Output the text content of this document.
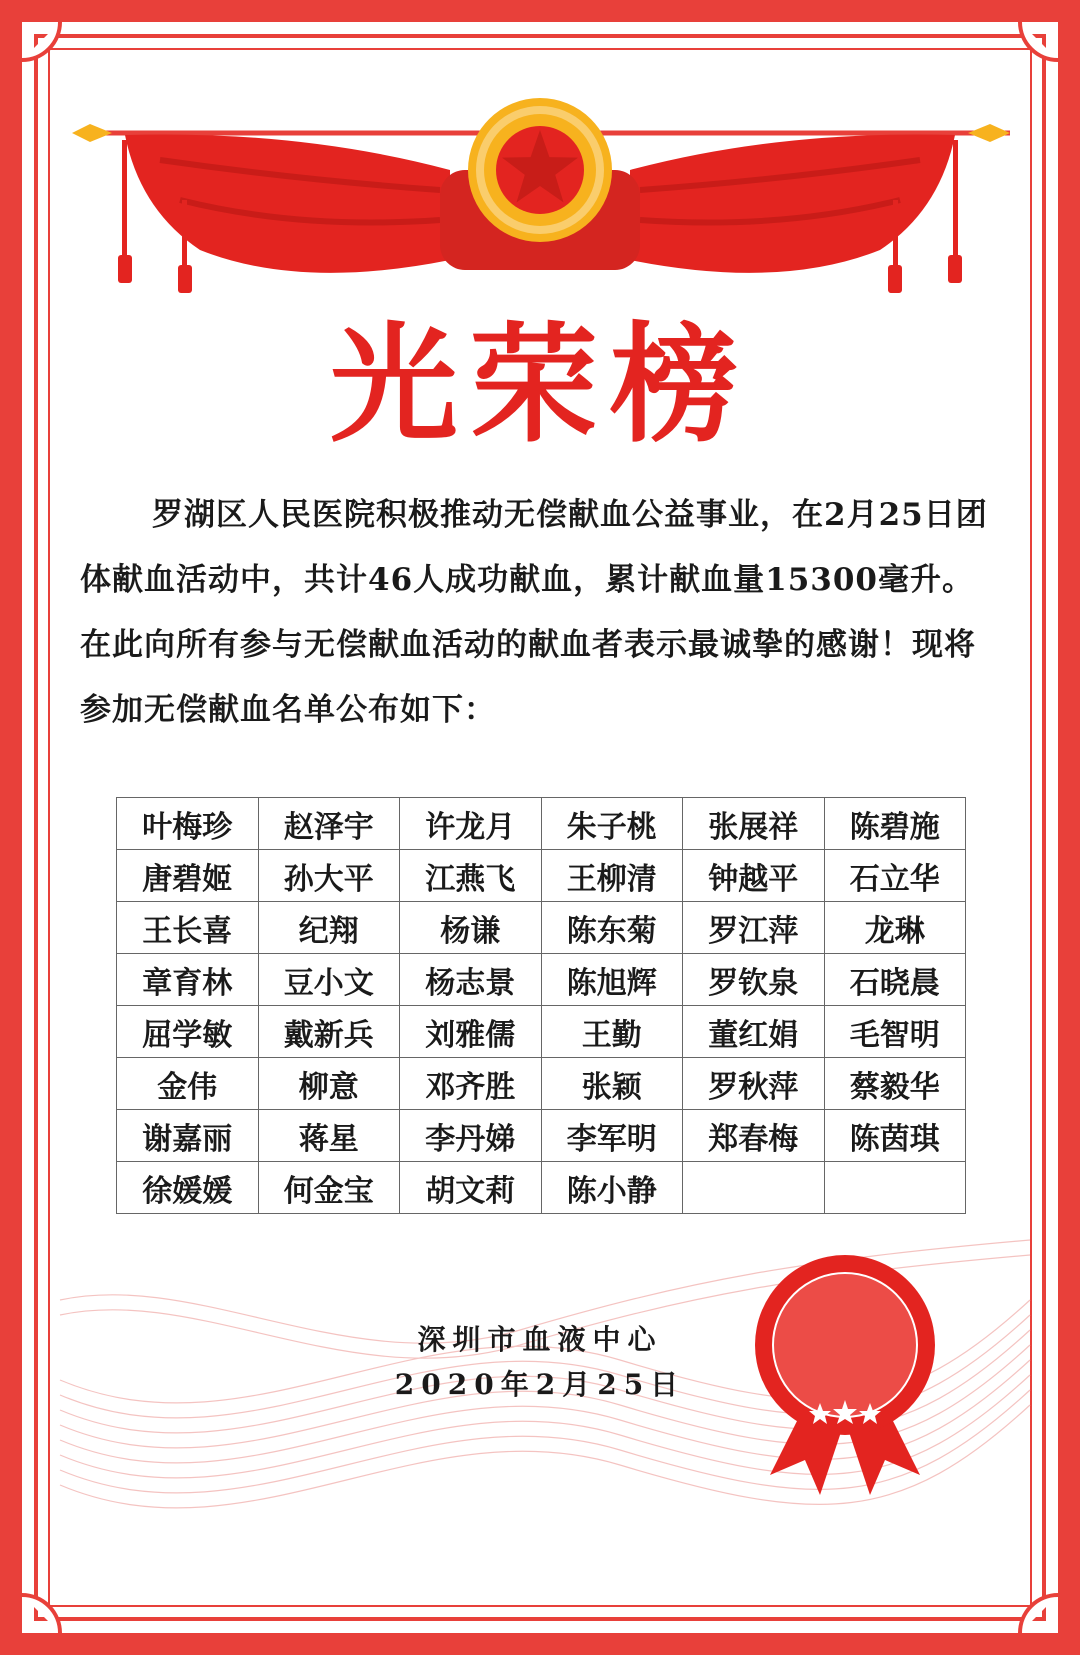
光荣榜

罗湖区人民医院积极推动无偿献血公益事业，在2月25日团体献血活动中，共计46人成功献血，累计献血量15300毫升。在此向所有参与无偿献血活动的献血者表示最诚挚的感谢！现将参加无偿献血名单公布如下：

叶梅珍	赵泽宇	许龙月	朱子桃	张展祥	陈碧施
唐碧姬	孙大平	江燕飞	王柳清	钟越平	石立华
王长喜	纪翔	杨谦	陈东菊	罗江萍	龙琳
章育林	豆小文	杨志景	陈旭辉	罗钦泉	石晓晨
屈学敏	戴新兵	刘雅儒	王勤	董红娟	毛智明
金伟	柳意	邓齐胜	张颖	罗秋萍	蔡毅华
谢嘉丽	蒋星	李丹娣	李军明	郑春梅	陈茵琪
徐媛媛	何金宝	胡文莉	陈小静		
深圳市血液中心
2020年2月25日
